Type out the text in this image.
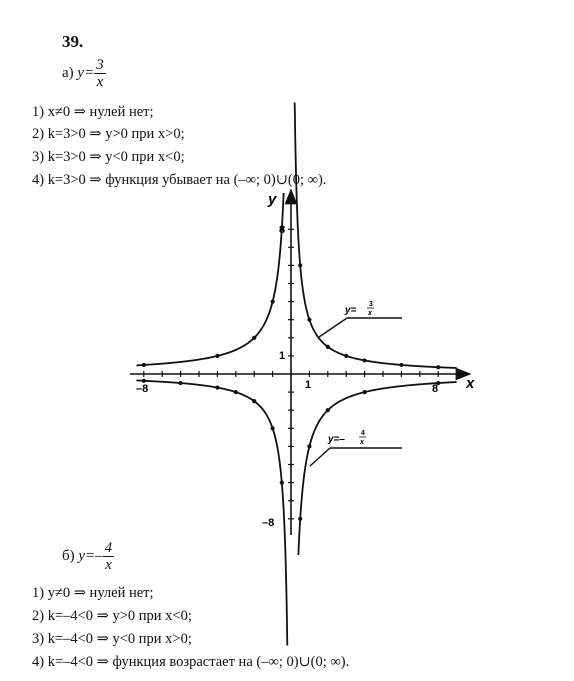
39.
а) $y= \frac{3}{x}$
1) x≠0 ⇒ нулей нет;
2) k=3>0 ⇒ y>0 при x>0;
3) k=3>0 ⇒ y<0 при x<0;
4) k=3>0 ⇒ функция убывает на (–∞; 0)∪(0; ∞).
y
x
8
1
–8	1	8
–8
y=
3
x
y=–
4
x
б) $y=- \frac{4}{x}$
1) y≠0 ⇒ нулей нет;
2) k=–4<0 ⇒ y>0 при x<0;
3) k=–4<0 ⇒ y<0 при x>0;
4) k=–4<0 ⇒ функция возрастает на (–∞; 0)∪(0; ∞).
